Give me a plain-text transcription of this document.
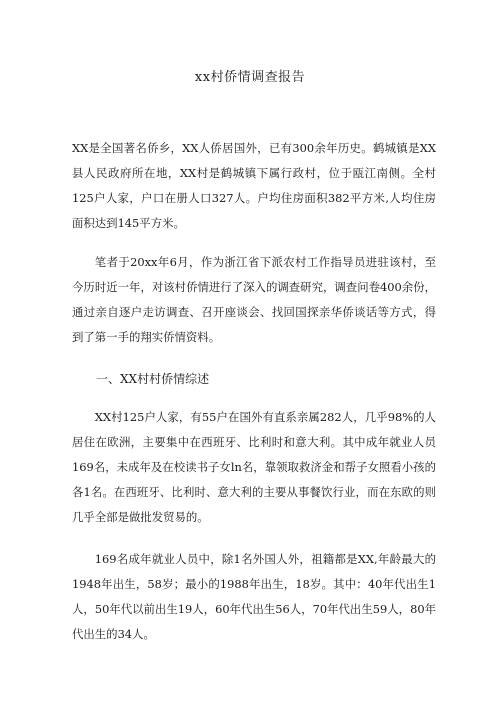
xx村侨情调查报告

XX是全国著名侨乡，XX人侨居国外，已有300余年历史。鹤城镇是XX县人民政府所在地，XX村是鹤城镇下属行政村，位于瓯江南侧。全村125户人家，户口在册人口327人。户均住房面积382平方米,人均住房面积达到145平方米。

笔者于20xx年6月，作为浙江省下派农村工作指导员进驻该村，至今历时近一年，对该村侨情进行了深入的调查研究，调查问卷400余份，通过亲自逐户走访调查、召开座谈会、找回国探亲华侨谈话等方式，得到了第一手的翔实侨情资料。

一、XX村村侨情综述

XX村125户人家，有55户在国外有直系亲属282人，几乎98%的人居住在欧洲，主要集中在西班牙、比利时和意大利。其中成年就业人员169名，未成年及在校读书子女ln名，靠领取救济金和帮子女照看小孩的各1名。在西班牙、比利时、意大利的主要从事餐饮行业，而在东欧的则几乎全部是做批发贸易的。

169名成年就业人员中，除1名外国人外，祖籍都是XX,年龄最大的1948年出生，58岁；最小的1988年出生，18岁。其中：40年代出生1人，50年代以前出生19人，60年代出生56人，70年代出生59人，80年代出生的34人。
